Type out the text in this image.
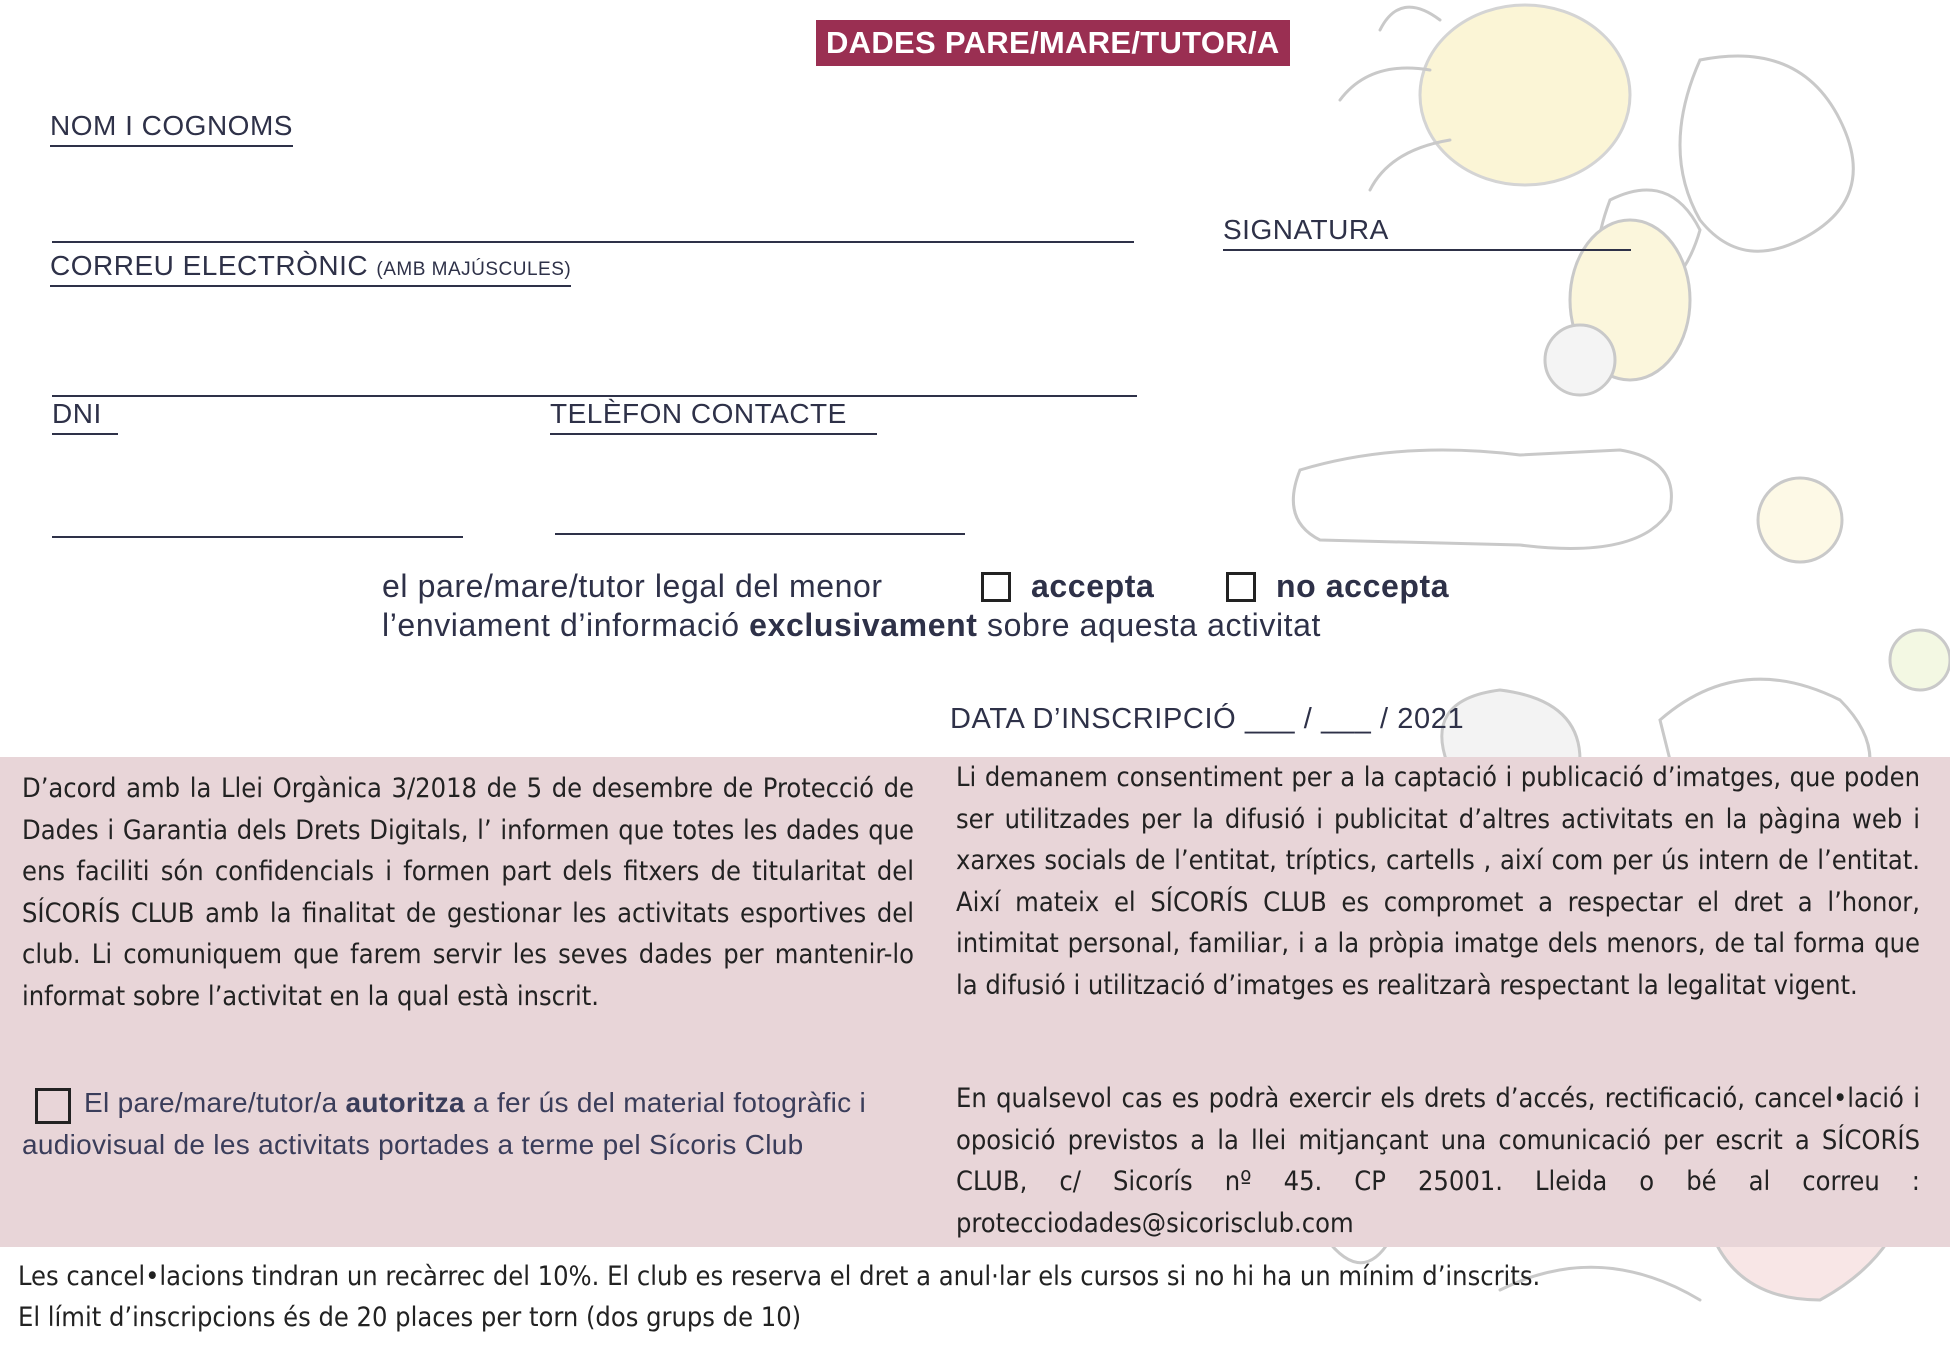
DADES PARE/MARE/TUTOR/A
NOM I COGNOMS
SIGNATURA
CORREU ELECTRÒNIC (AMB MAJÚSCULES)
DNI	TELÈFON CONTACTE
el pare/mare/tutor legal del menor	accepta	no accepta
l’enviament d’informació exclusivament sobre aquesta activitat
DATA D’INSCRIPCIÓ ___ / ___ / 2021

D’acord amb la Llei Orgànica 3/2018 de 5 de desembre de Protecció de Dades i Garantia dels Drets Digitals, l’ informen que totes les dades que ens faciliti són confidencials i formen part dels fitxers de titularitat del SÍCORÍS CLUB amb la finalitat de gestionar les activitats esportives del club. Li comuniquem que farem servir les seves dades per mantenir-lo informat sobre l’activitat en la qual està inscrit.

El pare/mare/tutor/a autoritza a fer ús del material fotogràfic i audiovisual de les activitats portades a terme pel Sícoris Club

Li demanem consentiment per a la captació i publicació d’imatges, que poden ser utilitzades per la difusió i publicitat d’altres activitats en la pàgina web i xarxes socials de l’entitat, tríptics, cartells , així com per ús intern de l’entitat. Així mateix el SÍCORÍS CLUB es compromet a respectar el dret a l’honor, intimitat personal, familiar, i a la pròpia imatge dels menors, de tal forma que la difusió i utilització d’imatges es realitzarà respectant la legalitat vigent.

En qualsevol cas es podrà exercir els drets d’accés, rectificació, cancel•lació i oposició previstos a la llei mitjançant una comunicació per escrit a SÍCORÍS CLUB, c/ Sicorís nº 45. CP 25001. Lleida o bé al correu : protecciodades@sicorisclub.com

Les cancel•lacions tindran un recàrrec del 10%. El club es reserva el dret a anul·lar els cursos si no hi ha un mínim d’inscrits.
El límit d’inscripcions és de 20 places per torn (dos grups de 10)
